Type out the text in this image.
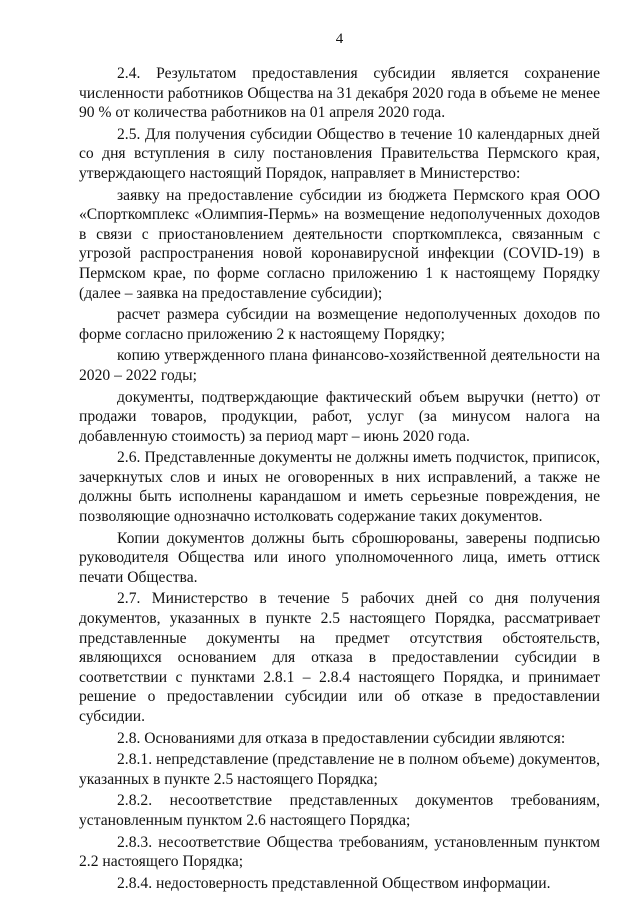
4

2.4. Результатом предоставления субсидии является сохранение численности работников Общества на 31 декабря 2020 года в объеме не менее 90 % от количества работников на 01 апреля 2020 года.

2.5. Для получения субсидии Общество в течение 10 календарных дней со дня вступления в силу постановления Правительства Пермского края, утверждающего настоящий Порядок, направляет в Министерство:

заявку на предоставление субсидии из бюджета Пермского края ООО «Спорткомплекс «Олимпия-Пермь» на возмещение недополученных доходов в связи с приостановлением деятельности спорткомплекса, связанным с угрозой распространения новой коронавирусной инфекции (COVID-19) в Пермском крае, по форме согласно приложению 1 к настоящему Порядку (далее – заявка на предоставление субсидии);

расчет размера субсидии на возмещение недополученных доходов по форме согласно приложению 2 к настоящему Порядку;

копию утвержденного плана финансово-хозяйственной деятельности на 2020 – 2022 годы;

документы, подтверждающие фактический объем выручки (нетто) от продажи товаров, продукции, работ, услуг (за минусом налога на добавленную стоимость) за период март – июнь 2020 года.

2.6. Представленные документы не должны иметь подчисток, приписок, зачеркнутых слов и иных не оговоренных в них исправлений, а также не должны быть исполнены карандашом и иметь серьезные повреждения, не позволяющие однозначно истолковать содержание таких документов.

Копии документов должны быть сброшюрованы, заверены подписью руководителя Общества или иного уполномоченного лица, иметь оттиск печати Общества.

2.7. Министерство в течение 5 рабочих дней со дня получения документов, указанных в пункте 2.5 настоящего Порядка, рассматривает представленные документы на предмет отсутствия обстоятельств, являющихся основанием для отказа в предоставлении субсидии в соответствии с пунктами 2.8.1 – 2.8.4 настоящего Порядка, и принимает решение о предоставлении субсидии или об отказе в предоставлении субсидии.

2.8. Основаниями для отказа в предоставлении субсидии являются:

2.8.1. непредставление (представление не в полном объеме) документов, указанных в пункте 2.5 настоящего Порядка;

2.8.2. несоответствие представленных документов требованиям, установленным пунктом 2.6 настоящего Порядка;

2.8.3. несоответствие Общества требованиям, установленным пунктом 2.2 настоящего Порядка;

2.8.4. недостоверность представленной Обществом информации.
